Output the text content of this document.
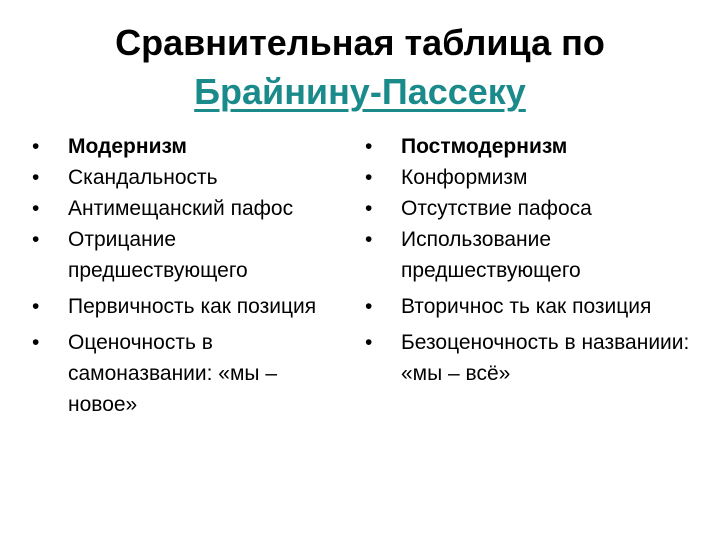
Сравнительная таблица по
Брайнину-Пассеку
• Модернизм
• Скандальность
• Антимещанский пафос
• Отрицание предшествующего
• Первичность как позиция
• Оценочность в самоназвании: «мы – новое»
• Постмодернизм
• Конформизм
• Отсутствие пафоса
• Использование предшествующего
• Вторичнос ть как позиция
• Безоценочность в названиии: «мы – всё»
